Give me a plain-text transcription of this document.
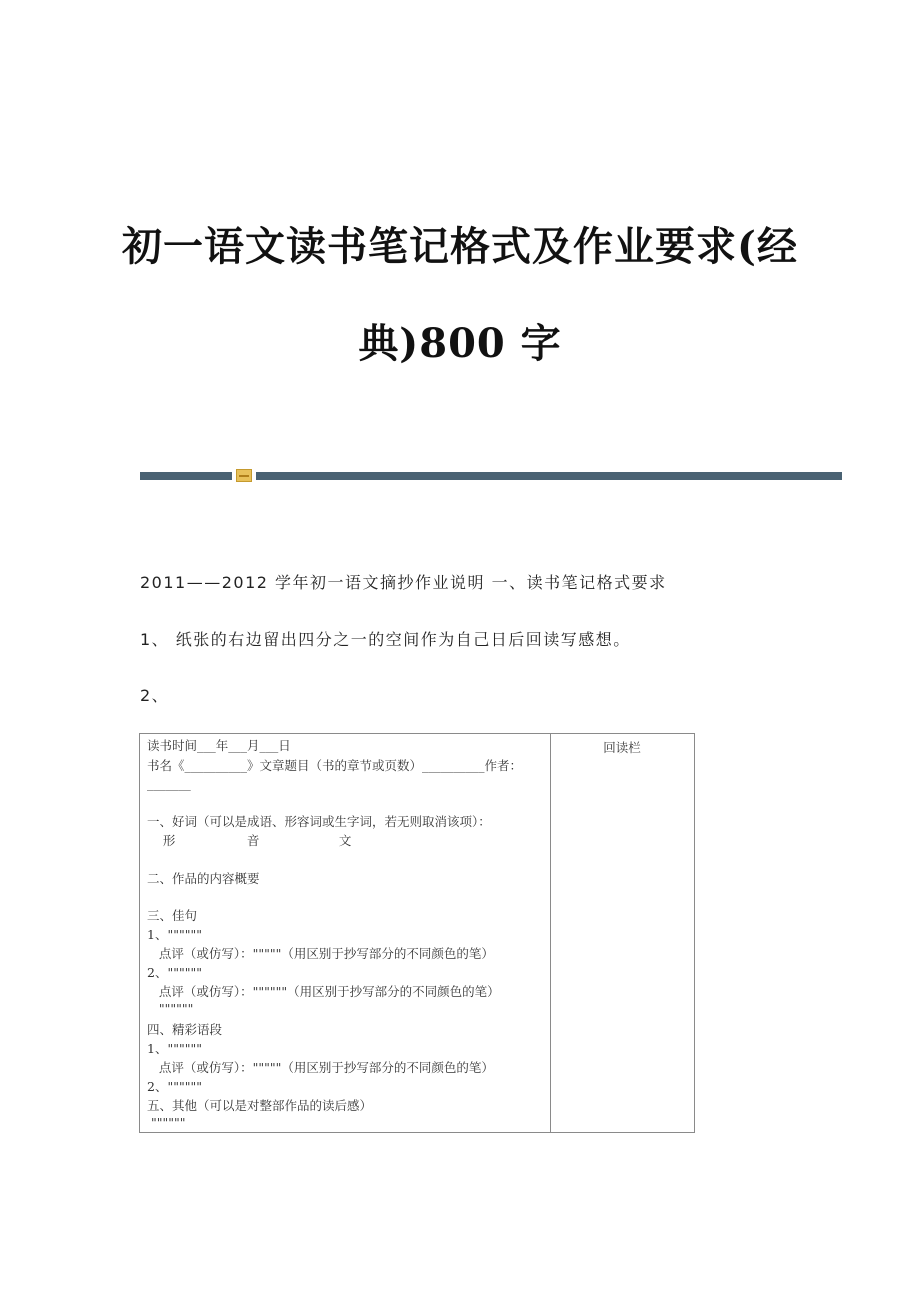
初一语文读书笔记格式及作业要求(经
典)800 字
2011——2012 学年初一语文摘抄作业说明 一、读书笔记格式要求
1、 纸张的右边留出四分之一的空间作为自己日后回读写感想。
2、
回读栏
读书时间___年___月___日
书名《__________》文章题目（书的章节或页数）__________作者：
_______
一、好词（可以是成语、形容词或生字词，若无则取消该项）：
形                  音                    文
二、作品的内容概要
三、佳句
1、""""""
点评（或仿写）："""""（用区别于抄写部分的不同颜色的笔）
2、""""""
点评（或仿写）：""""""（用区别于抄写部分的不同颜色的笔）
""""""
四、精彩语段
1、""""""
点评（或仿写）："""""（用区别于抄写部分的不同颜色的笔）
2、""""""
五、其他（可以是对整部作品的读后感）
""""""
